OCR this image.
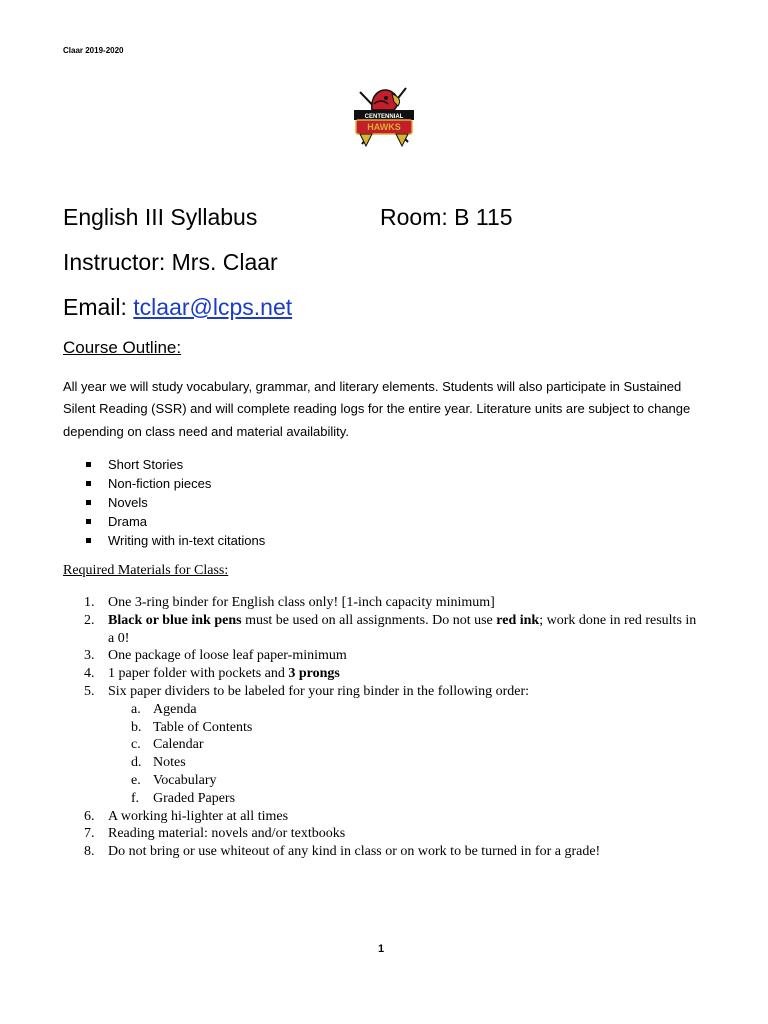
Claar 2019-2020
CENTENNIAL
HAWKS
English III Syllabus	Room: B 115
Instructor: Mrs. Claar
Email: tclaar@lcps.net
Course Outline:
All year we will study vocabulary, grammar, and literary elements. Students will also participate in Sustained Silent Reading (SSR) and will complete reading logs for the entire year. Literature units are subject to change depending on class need and material availability.
Short Stories
Non-fiction pieces
Novels
Drama
Writing with in-text citations
Required Materials for Class:
1. One 3-ring binder for English class only! [1-inch capacity minimum]
2. Black or blue ink pens must be used on all assignments. Do not use red ink; work done in red results in a 0!
3. One package of loose leaf paper-minimum
4. 1 paper folder with pockets and 3 prongs
5. Six paper dividers to be labeled for your ring binder in the following order:
a. Agenda
b. Table of Contents
c. Calendar
d. Notes
e. Vocabulary
f. Graded Papers
6. A working hi-lighter at all times
7. Reading material: novels and/or textbooks
8. Do not bring or use whiteout of any kind in class or on work to be turned in for a grade!
1
